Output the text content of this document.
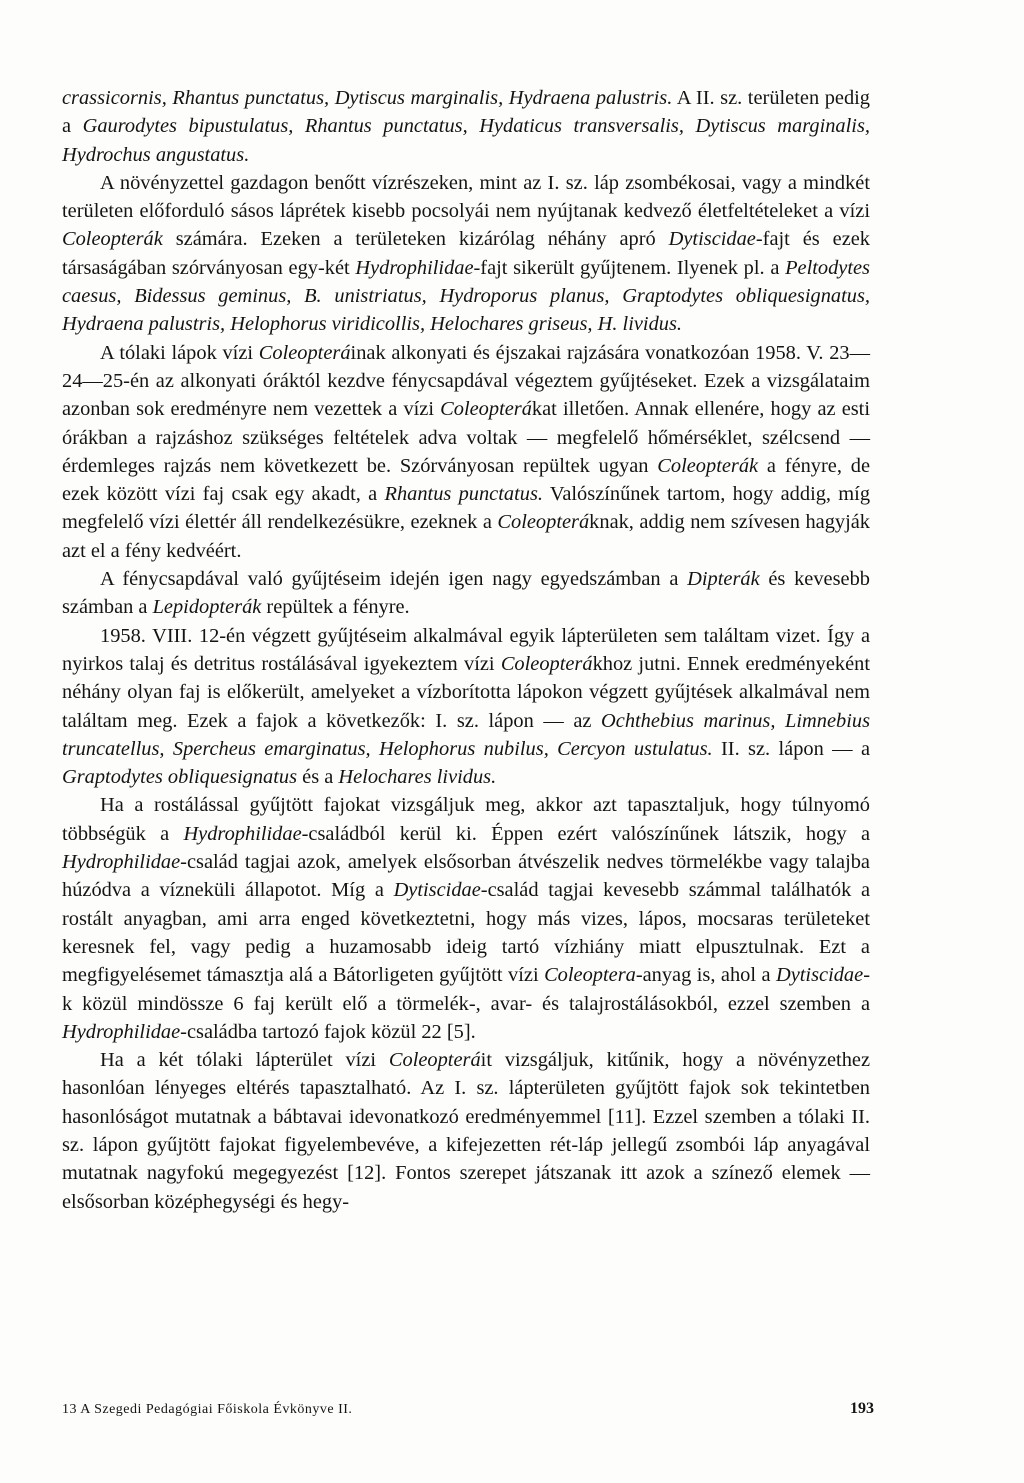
crassicornis, Rhantus punctatus, Dytiscus marginalis, Hydraena palustris. A II. sz. területen pedig a Gaurodytes bipustulatus, Rhantus punctatus, Hydaticus transversalis, Dytiscus marginalis, Hydrochus angustatus.

A növényzettel gazdagon benőtt vízrészeken, mint az I. sz. láp zsombékosai, vagy a mindkét területen előforduló sásos láprétek kisebb pocsolyái nem nyújtanak kedvező életfeltételeket a vízi Coleopterák számára. Ezeken a területeken kizárólag néhány apró Dytiscidae-fajt és ezek társaságában szórványosan egy-két Hydrophilidae-fajt sikerült gyűjtenem. Ilyenek pl. a Peltodytes caesus, Bidessus geminus, B. unistriatus, Hydroporus planus, Graptodytes obliquesignatus, Hydraena palustris, Helophorus viridicollis, Helochares griseus, H. lividus.

A tólaki lápok vízi Coleopteráinak alkonyati és éjszakai rajzására vonatkozóan 1958. V. 23—24—25-én az alkonyati óráktól kezdve fénycsapdával végeztem gyűjtéseket. Ezek a vizsgálataim azonban sok eredményre nem vezettek a vízi Coleopterákat illetően. Annak ellenére, hogy az esti órákban a rajzáshoz szükséges feltételek adva voltak — megfelelő hőmérséklet, szélcsend — érdemleges rajzás nem következett be. Szórványosan repültek ugyan Coleopterák a fényre, de ezek között vízi faj csak egy akadt, a Rhantus punctatus. Valószínűnek tartom, hogy addig, míg megfelelő vízi élettér áll rendelkezésükre, ezeknek a Coleopteráknak, addig nem szívesen hagyják azt el a fény kedvéért.

A fénycsapdával való gyűjtéseim idején igen nagy egyedszámban a Dipterák és kevesebb számban a Lepidopterák repültek a fényre.

1958. VIII. 12-én végzett gyűjtéseim alkalmával egyik lápterületen sem találtam vizet. Így a nyirkos talaj és detritus rostálásával igyekeztem vízi Coleopterákhoz jutni. Ennek eredményeként néhány olyan faj is előkerült, amelyeket a vízborította lápokon végzett gyűjtések alkalmával nem találtam meg. Ezek a fajok a következők: I. sz. lápon — az Ochthebius marinus, Limnebius truncatellus, Spercheus emarginatus, Helophorus nubilus, Cercyon ustulatus. II. sz. lápon — a Graptodytes obliquesignatus és a Helochares lividus.

Ha a rostálással gyűjtött fajokat vizsgáljuk meg, akkor azt tapasztaljuk, hogy túlnyomó többségük a Hydrophilidae-családból kerül ki. Éppen ezért valószínűnek látszik, hogy a Hydrophilidae-család tagjai azok, amelyek elsősorban átvészelik nedves törmelékbe vagy talajba húzódva a vízneküli állapotot. Míg a Dytiscidae-család tagjai kevesebb számmal találhatók a rostált anyagban, ami arra enged következtetni, hogy más vizes, lápos, mocsaras területeket keresnek fel, vagy pedig a huzamosabb ideig tartó vízhiány miatt elpusztulnak. Ezt a megfigyelésemet támasztja alá a Bátorligeten gyűjtött vízi Coleoptera-anyag is, ahol a Dytiscidae-k közül mindössze 6 faj került elő a törmelék-, avar- és talajrostálásokból, ezzel szemben a Hydrophilidae-családba tartozó fajok közül 22 [5].

Ha a két tólaki lápterület vízi Coleopteráit vizsgáljuk, kitűnik, hogy a növényzethez hasonlóan lényeges eltérés tapasztalható. Az I. sz. lápterületen gyűjtött fajok sok tekintetben hasonlóságot mutatnak a bábtavai idevonatkozó eredményemmel [11]. Ezzel szemben a tólaki II. sz. lápon gyűjtött fajokat figyelembevéve, a kifejezetten rét-láp jellegű zsombói láp anyagával mutatnak nagyfokú megegyezést [12]. Fontos szerepet játszanak itt azok a színező elemek — elsősorban középhegységi és hegy-

13 A Szegedi Pedagógiai Főiskola Évkönyve II.	193
